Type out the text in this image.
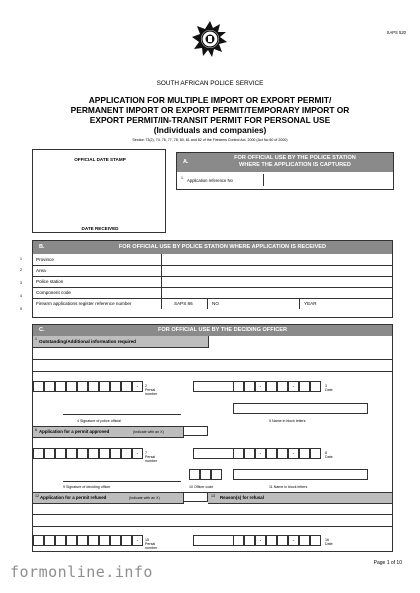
SAPS 520
SOUTH AFRICAN POLICE SERVICE
APPLICATION FOR MULTIPLE IMPORT OR EXPORT PERMIT/
PERMANENT IMPORT OR EXPORT PERMIT/TEMPORARY IMPORT OR
EXPORT PERMIT/IN-TRANSIT PERMIT FOR PERSONAL USE
(Individuals and companies)
Section 73(2), 74, 76, 77, 78, 80, 81 and 82 of the Firearms Control Act, 2000 (Act No 60 of 2000)
OFFICIAL DATE STAMP
DATE RECEIVED
A.
FOR OFFICIAL USE BY THE POLICE STATION
WHERE THE APPLICATION IS CAPTURED
1 Application reference No
B.	FOR OFFICIAL USE BY POLICE STATION WHERE APPLICATION IS RECEIVED
Province
Area
Police station
Component code
Firearm applications register reference number	SAPS 86	NO	YEAR
1
2
3
4
5
C.	FOR OFFICIAL USE BY THE DECIDING OFFICER
1 Outstanding/Additional information required
-	2 Persal number
-	-	3 Date
4 Signature of police official	5 Name in block letters
6 Application for a permit approved	(Indicate with an X)
-	7 Persal number
-	-	8 Date
9 Signature of deciding officer	10 Officer code	11 Name in block letters
12 Application for a permit refused	(Indicate with an X)	13 Reason(s) for refusal
-	15 Persal number
-	-	16 Date
Page 1 of 10
formonline.info
